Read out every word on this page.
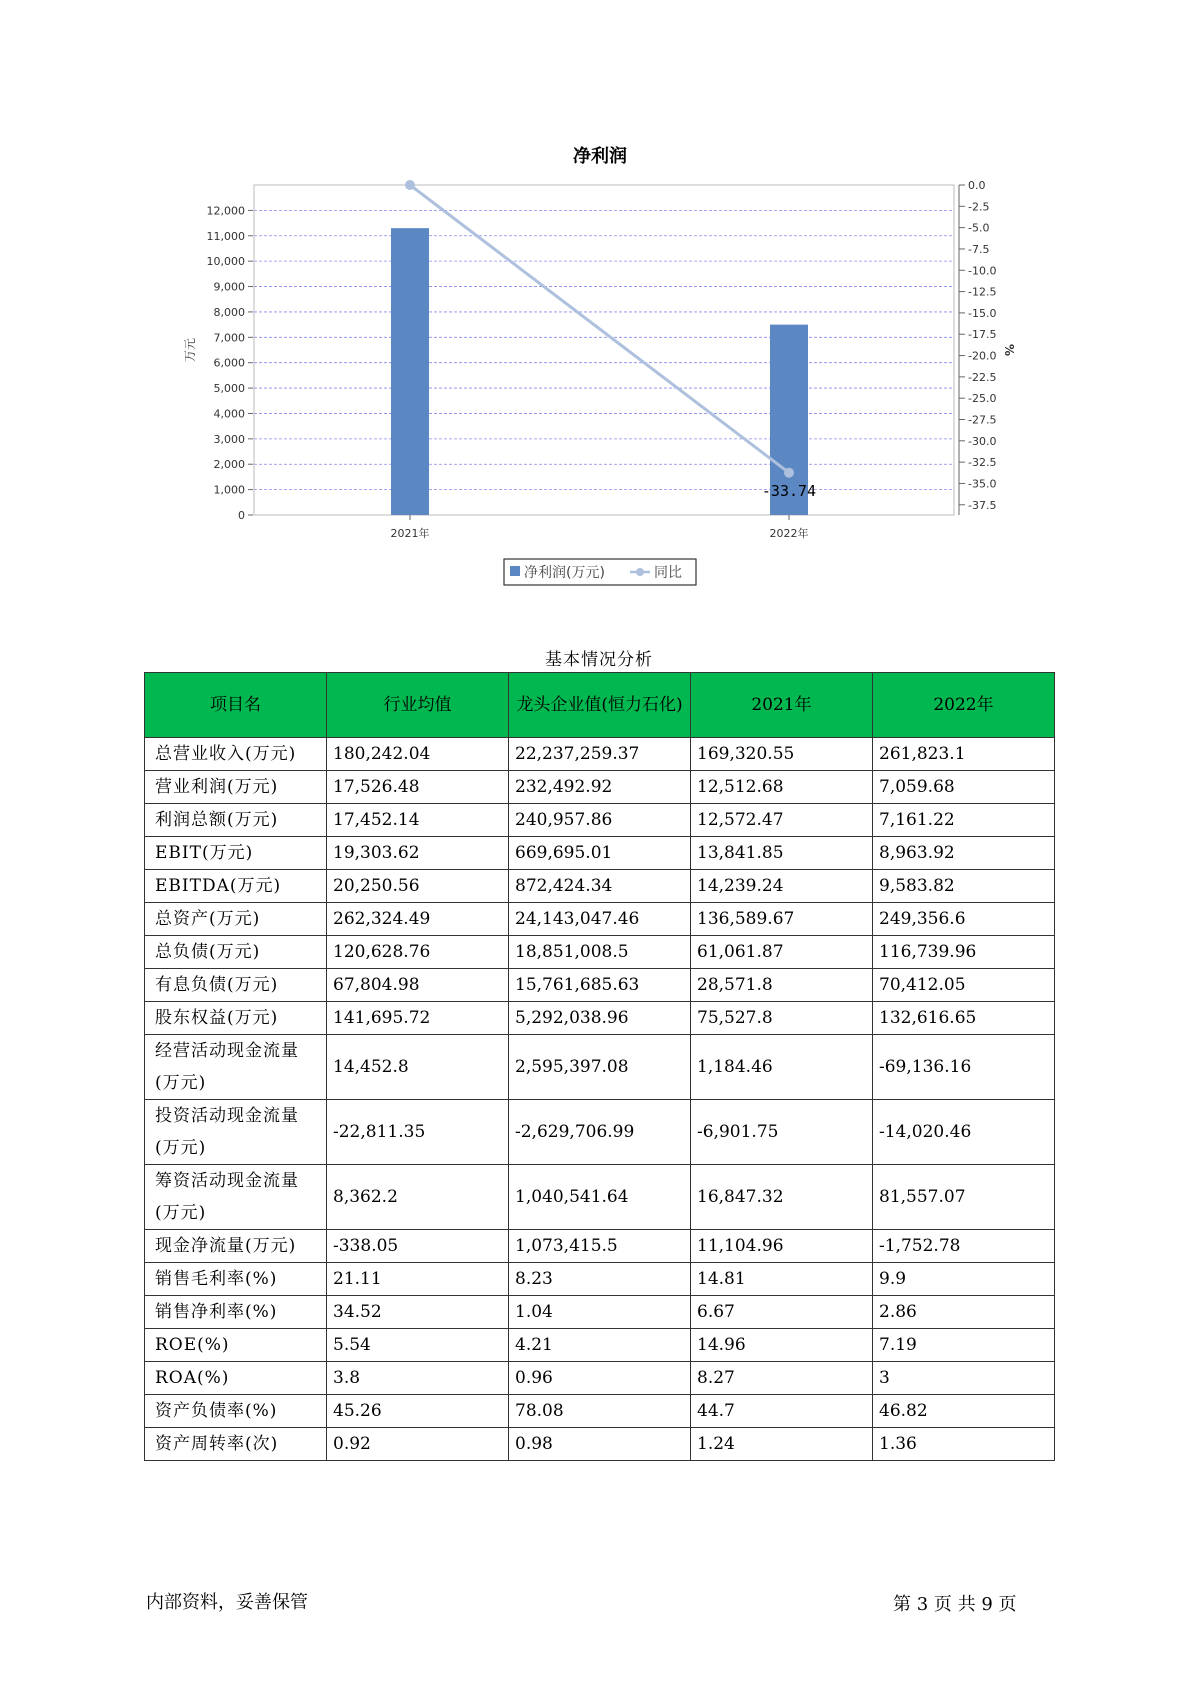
净利润
0
1,000
2,000
3,000
4,000
5,000
6,000
7,000
8,000
9,000
10,000
11,000
12,000
0.0
-2.5
-5.0
-7.5
-10.0
-12.5
-15.0
-17.5
-20.0
-22.5
-25.0
-27.5
-30.0
-32.5
-35.0
-37.5
万元	%
2021年	2022年
-33.74
净利润(万元)	同比
基本情况分析
项目名	行业均值	龙头企业值(恒力石化)	2021年	2022年
总营业收入(万元)	180,242.04	22,237,259.37	169,320.55	261,823.1
营业利润(万元)	17,526.48	232,492.92	12,512.68	7,059.68
利润总额(万元)	17,452.14	240,957.86	12,572.47	7,161.22
EBIT(万元)	19,303.62	669,695.01	13,841.85	8,963.92
EBITDA(万元)	20,250.56	872,424.34	14,239.24	9,583.82
总资产(万元)	262,324.49	24,143,047.46	136,589.67	249,356.6
总负债(万元)	120,628.76	18,851,008.5	61,061.87	116,739.96
有息负债(万元)	67,804.98	15,761,685.63	28,571.8	70,412.05
股东权益(万元)	141,695.72	5,292,038.96	75,527.8	132,616.65
经营活动现金流量(万元)	14,452.8	2,595,397.08	1,184.46	-69,136.16
投资活动现金流量(万元)	-22,811.35	-2,629,706.99	-6,901.75	-14,020.46
筹资活动现金流量(万元)	8,362.2	1,040,541.64	16,847.32	81,557.07
现金净流量(万元)	-338.05	1,073,415.5	11,104.96	-1,752.78
销售毛利率(%)	21.11	8.23	14.81	9.9
销售净利率(%)	34.52	1.04	6.67	2.86
ROE(%)	5.54	4.21	14.96	7.19
ROA(%)	3.8	0.96	8.27	3
资产负债率(%)	45.26	78.08	44.7	46.82
资产周转率(次)	0.92	0.98	1.24	1.36
内部资料，妥善保管	第 3 页 共 9 页
